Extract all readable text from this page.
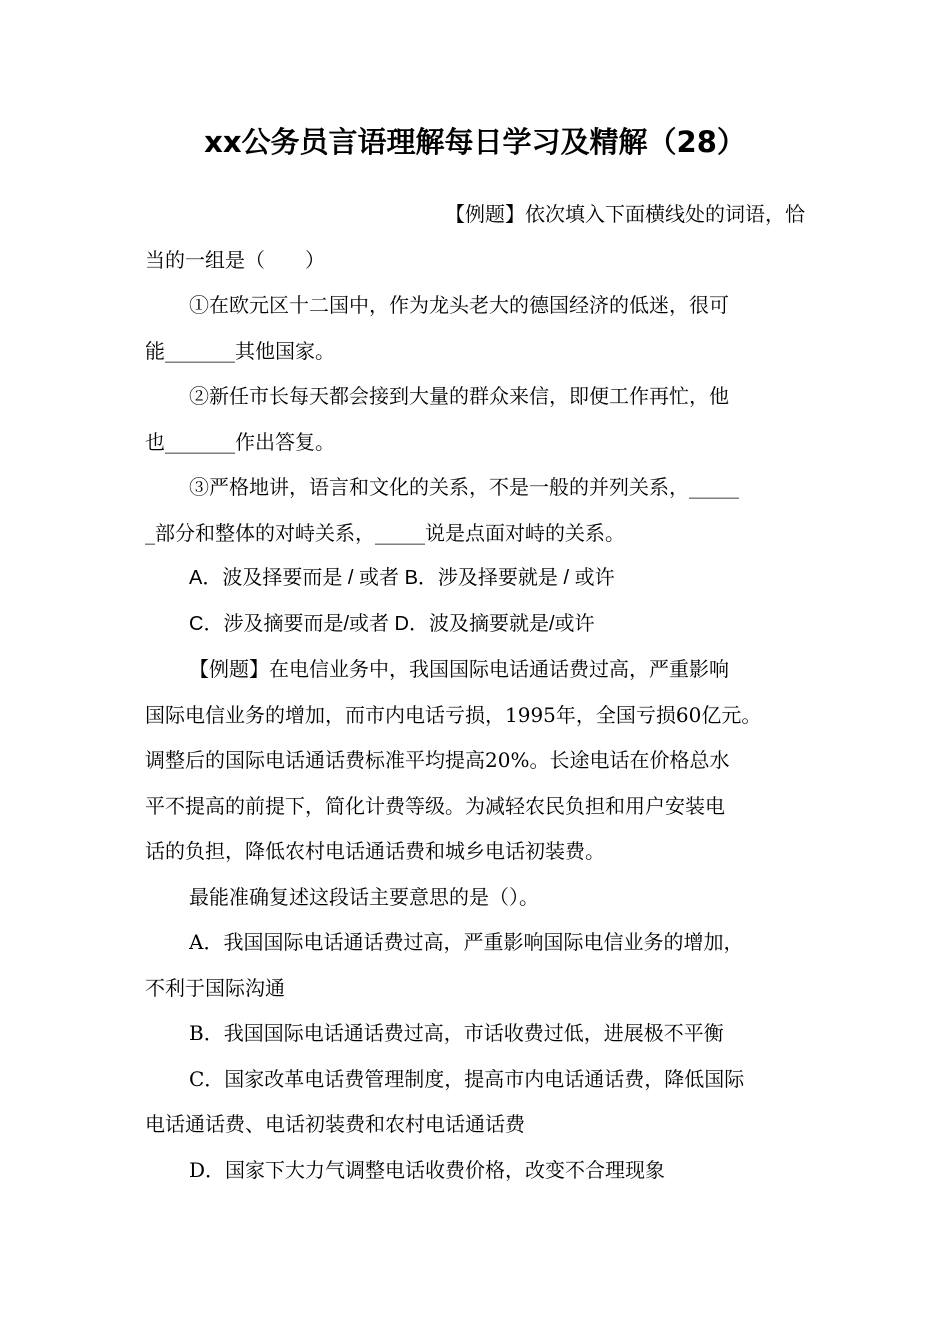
xx公务员言语理解每日学习及精解（28）

【例题】依次填入下面横线处的词语，恰

当的一组是（　　）

①在欧元区十二国中，作为龙头老大的德国经济的低迷，很可

能_______其他国家。

②新任市长每天都会接到大量的群众来信，即便工作再忙，他

也_______作出答复。

③严格地讲，语言和文化的关系，不是一般的并列关系，_____

_部分和整体的对峙关系，_____说是点面对峙的关系。

A．波及择要而是 / 或者 B．涉及择要就是 / 或许

C．涉及摘要而是/或者 D．波及摘要就是/或许

【例题】在电信业务中，我国国际电话通话费过高，严重影响

国际电信业务的增加，而市内电话亏损，1995年，全国亏损60亿元。

调整后的国际电话通话费标准平均提高20%。长途电话在价格总水

平不提高的前提下，简化计费等级。为减轻农民负担和用户安装电

话的负担，降低农村电话通话费和城乡电话初装费。

最能准确复述这段话主要意思的是（）。

A．我国国际电话通话费过高，严重影响国际电信业务的增加，

不利于国际沟通

B．我国国际电话通话费过高，市话收费过低，进展极不平衡

C．国家改革电话费管理制度，提高市内电话通话费，降低国际

电话通话费、电话初装费和农村电话通话费

D．国家下大力气调整电话收费价格，改变不合理现象
